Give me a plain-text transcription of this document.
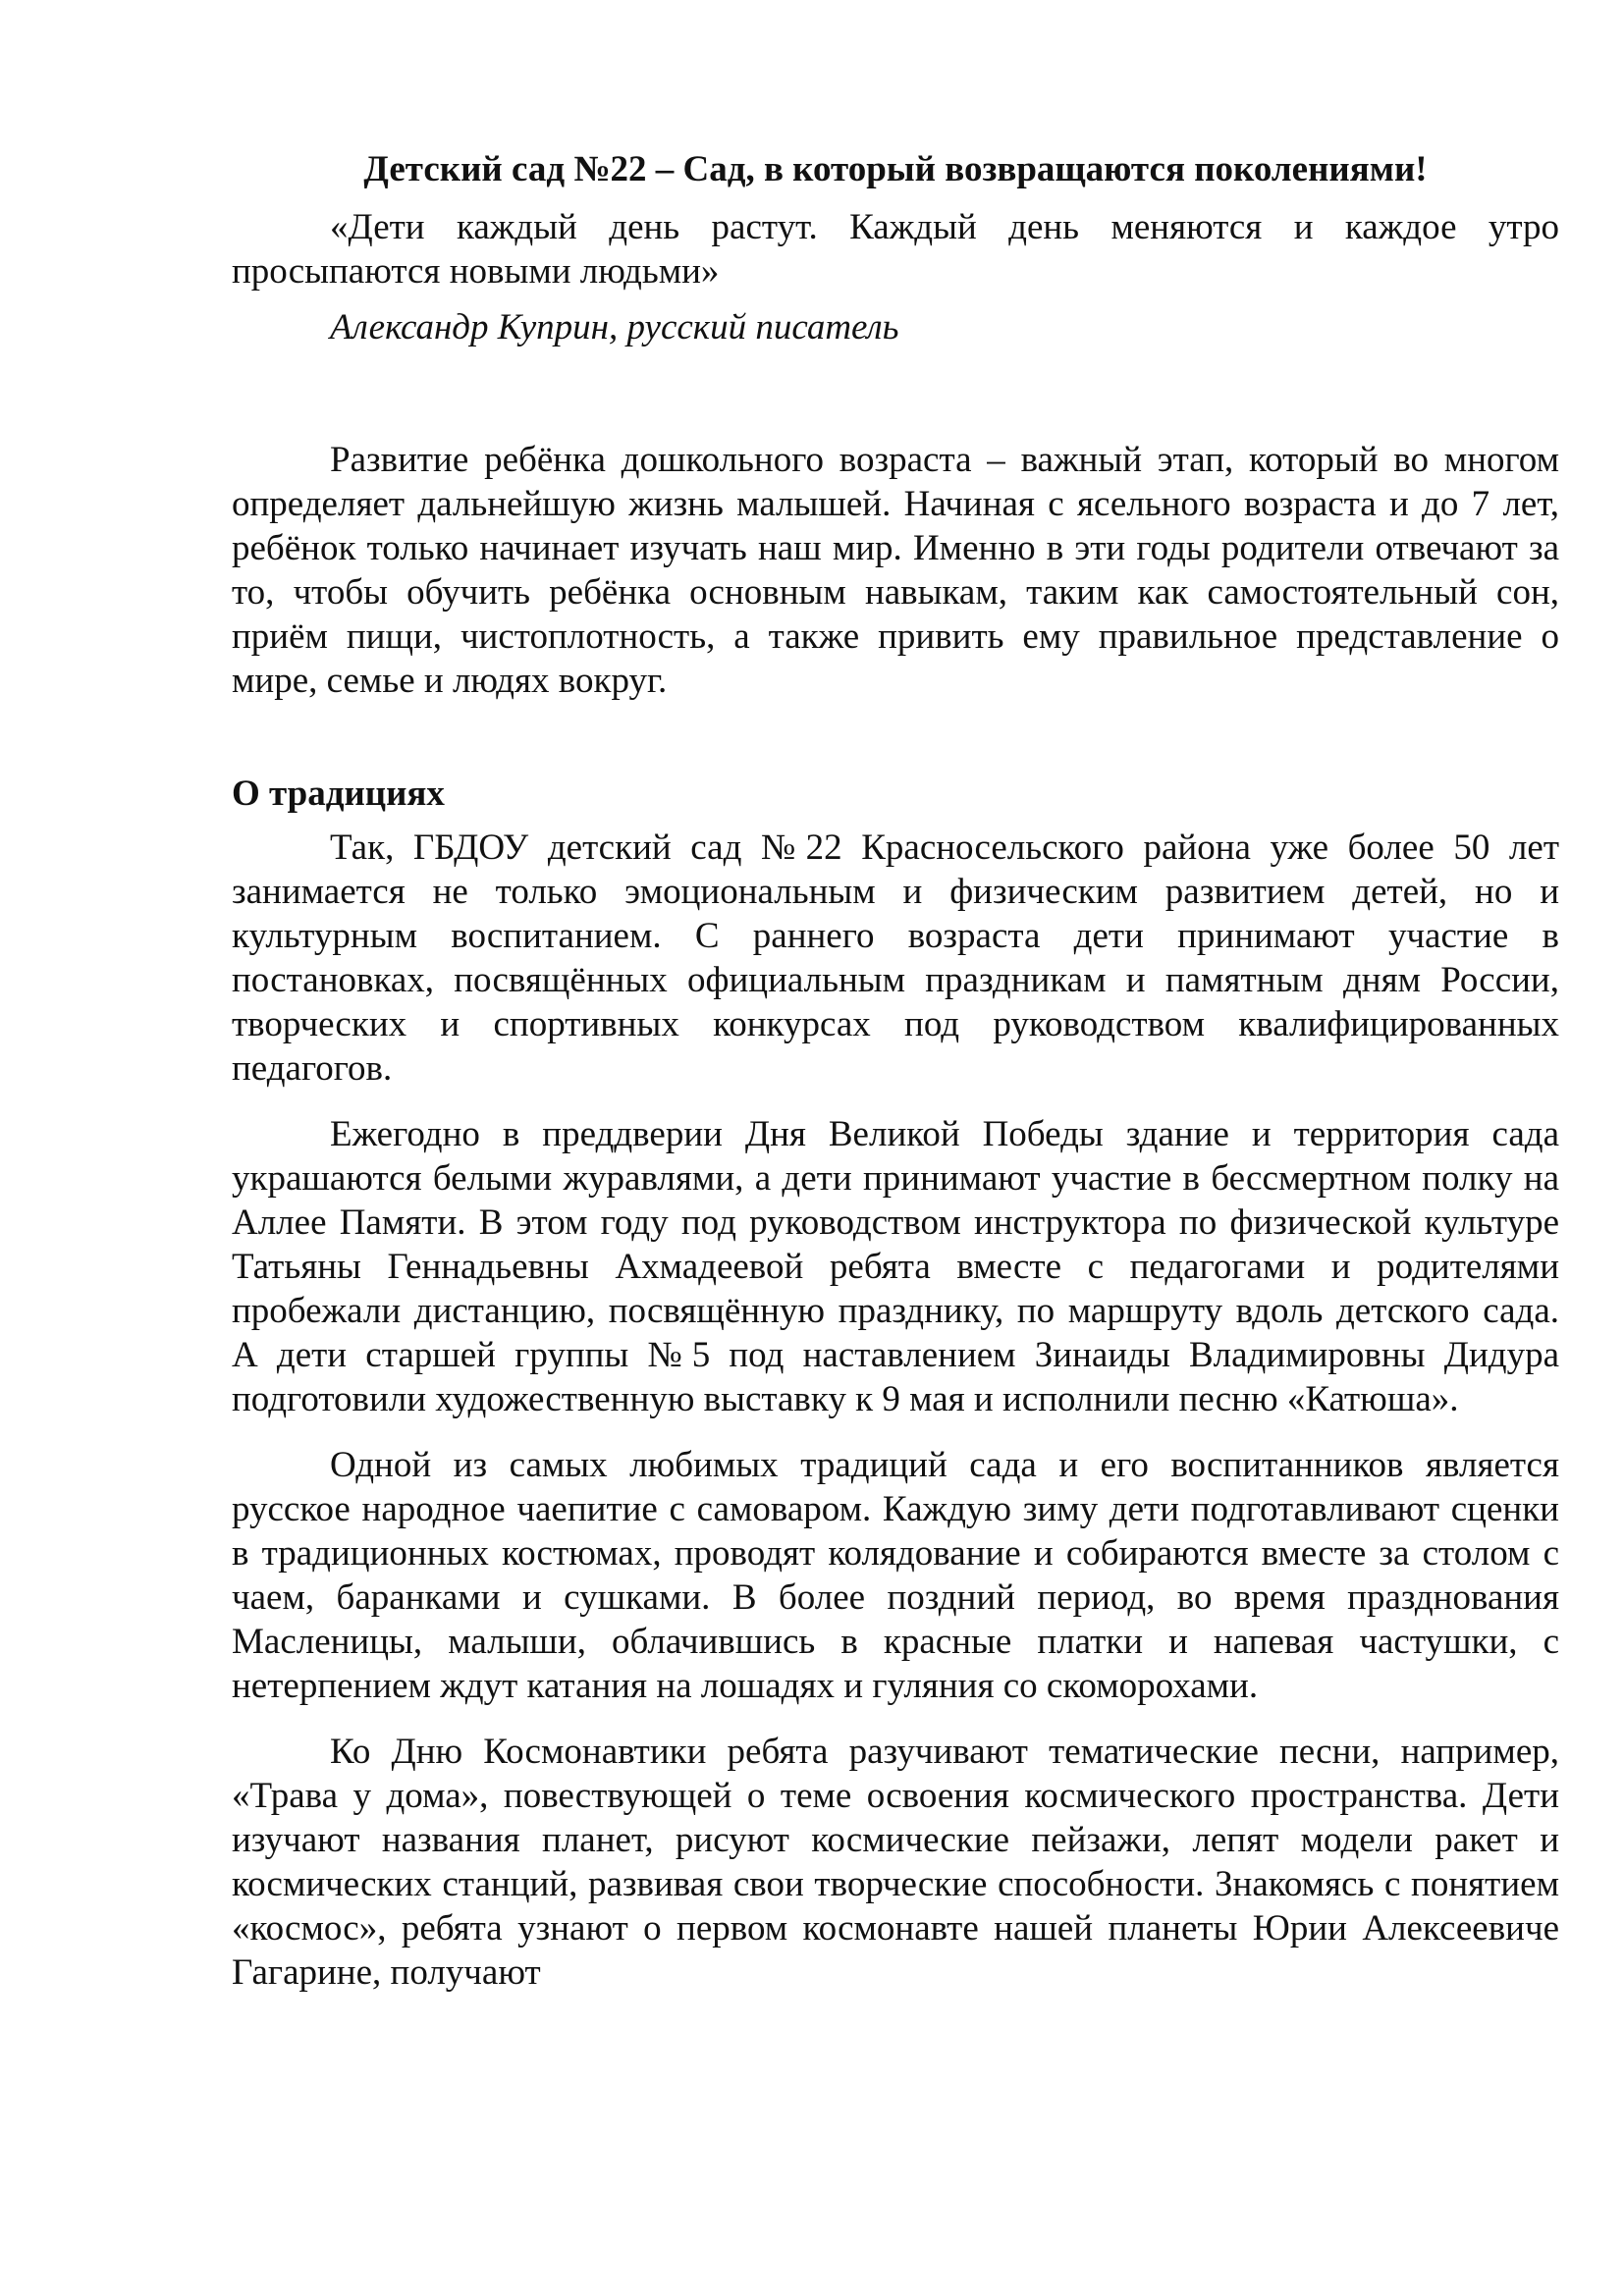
Детский сад №22 – Сад, в который возвращаются поколениями!

«Дети каждый день растут. Каждый день меняются и каждое утро просыпаются новыми людьми»

Александр Куприн, русский писатель

Развитие ребёнка дошкольного возраста – важный этап, который во многом определяет дальнейшую жизнь малышей. Начиная с ясельного возраста и до 7 лет, ребёнок только начинает изучать наш мир. Именно в эти годы родители отвечают за то, чтобы обучить ребёнка основным навыкам, таким как самостоятельный сон, приём пищи, чистоплотность, а также привить ему правильное представление о мире, семье и людях вокруг.

О традициях

Так, ГБДОУ детский сад №22 Красносельского района уже более 50 лет занимается не только эмоциональным и физическим развитием детей, но и культурным воспитанием. С раннего возраста дети принимают участие в постановках, посвящённых официальным праздникам и памятным дням России, творческих и спортивных конкурсах под руководством квалифицированных педагогов.

Ежегодно в преддверии Дня Великой Победы здание и территория сада украшаются белыми журавлями, а дети принимают участие в бессмертном полку на Аллее Памяти. В этом году под руководством инструктора по физической культуре Татьяны Геннадьевны Ахмадеевой ребята вместе с педагогами и родителями пробежали дистанцию, посвящённую празднику, по маршруту вдоль детского сада. А дети старшей группы №5 под наставлением Зинаиды Владимировны Дидура подготовили художественную выставку к 9 мая и исполнили песню «Катюша».

Одной из самых любимых традиций сада и его воспитанников является русское народное чаепитие с самоваром. Каждую зиму дети подготавливают сценки в традиционных костюмах, проводят колядование и собираются вместе за столом с чаем, баранками и сушками. В более поздний период, во время празднования Масленицы, малыши, облачившись в красные платки и напевая частушки, с нетерпением ждут катания на лошадях и гуляния со скоморохами.

Ко Дню Космонавтики ребята разучивают тематические песни, например, «Трава у дома», повествующей о теме освоения космического пространства. Дети изучают названия планет, рисуют космические пейзажи, лепят модели ракет и космических станций, развивая свои творческие способности. Знакомясь с понятием «космос», ребята узнают о первом космонавте нашей планеты Юрии Алексеевиче Гагарине, получают
